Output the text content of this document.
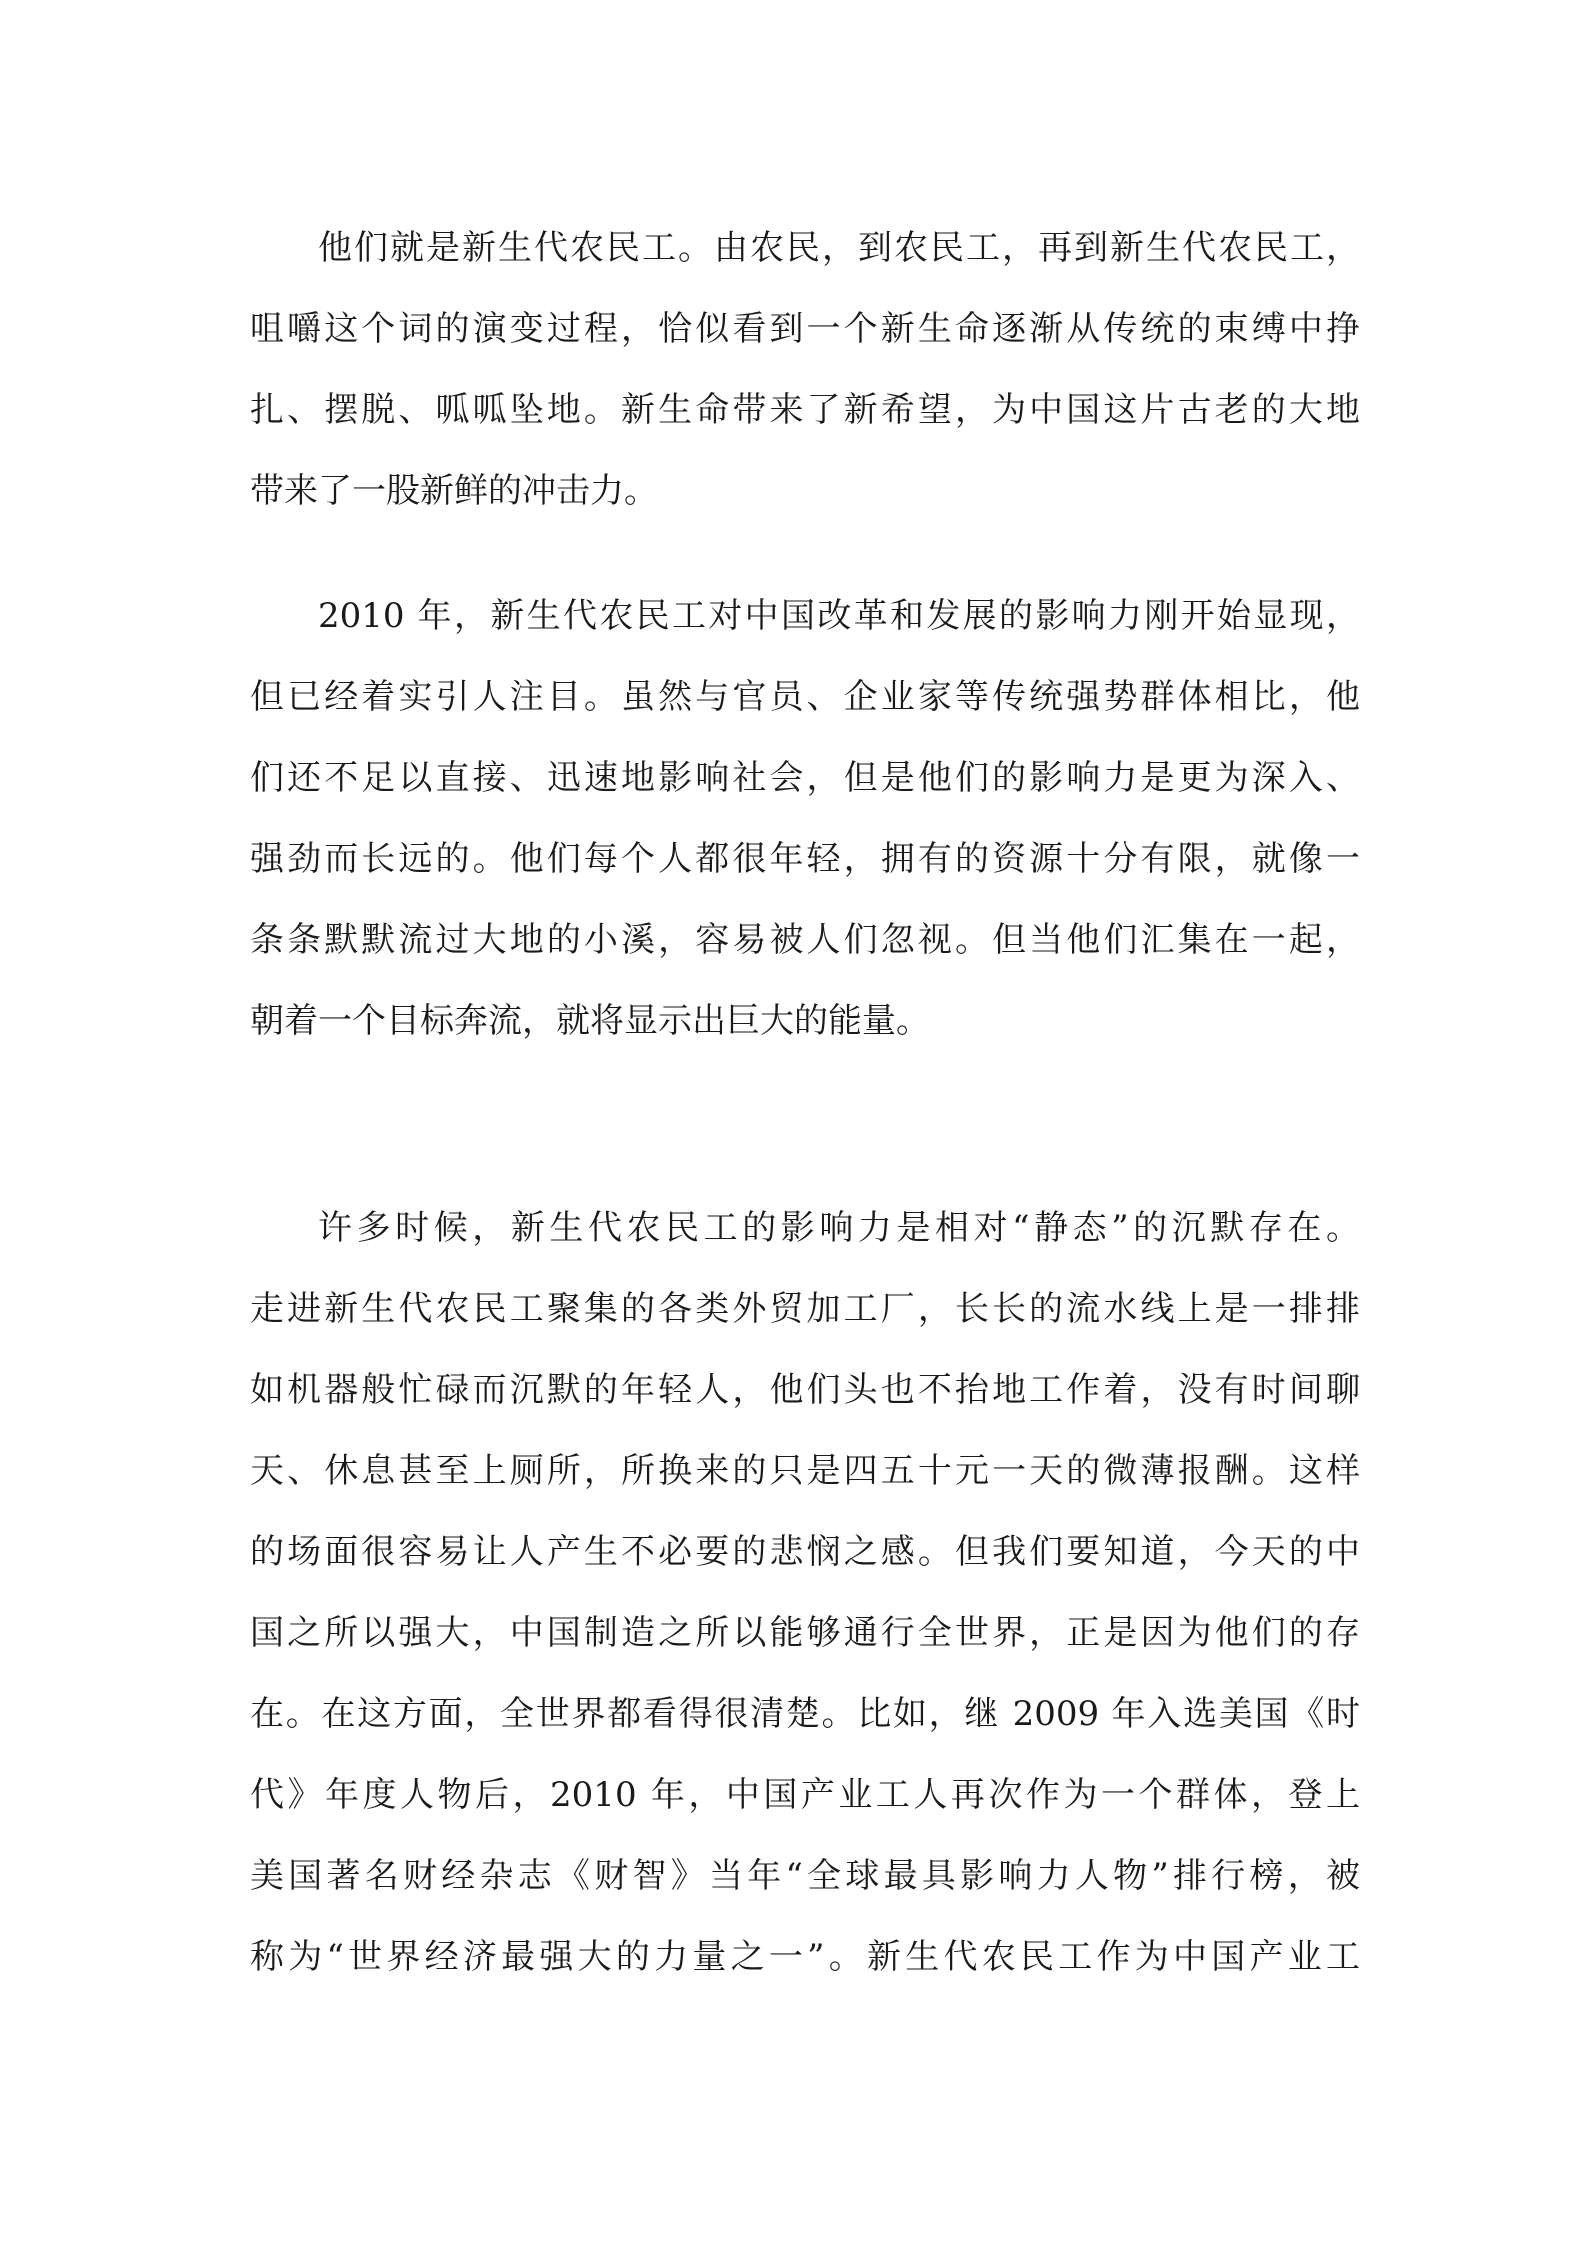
他们就是新生代农民工。由农民，到农民工，再到新生代农民工，
咀嚼这个词的演变过程，恰似看到一个新生命逐渐从传统的束缚中挣
扎、摆脱、呱呱坠地。新生命带来了新希望，为中国这片古老的大地
带来了一股新鲜的冲击力。
2010 年，新生代农民工对中国改革和发展的影响力刚开始显现，
但已经着实引人注目。虽然与官员、企业家等传统强势群体相比，他
们还不足以直接、迅速地影响社会，但是他们的影响力是更为深入、
强劲而长远的。他们每个人都很年轻，拥有的资源十分有限，就像一
条条默默流过大地的小溪，容易被人们忽视。但当他们汇集在一起，
朝着一个目标奔流，就将显示出巨大的能量。
许多时候，新生代农民工的影响力是相对“静态”的沉默存在。
走进新生代农民工聚集的各类外贸加工厂，长长的流水线上是一排排
如机器般忙碌而沉默的年轻人，他们头也不抬地工作着，没有时间聊
天、休息甚至上厕所，所换来的只是四五十元一天的微薄报酬。这样
的场面很容易让人产生不必要的悲悯之感。但我们要知道，今天的中
国之所以强大，中国制造之所以能够通行全世界，正是因为他们的存
在。在这方面，全世界都看得很清楚。比如，继 2009 年入选美国《时
代》年度人物后，2010 年，中国产业工人再次作为一个群体，登上
美国著名财经杂志《财智》当年“全球最具影响力人物”排行榜，被
称为“世界经济最强大的力量之一”。新生代农民工作为中国产业工
